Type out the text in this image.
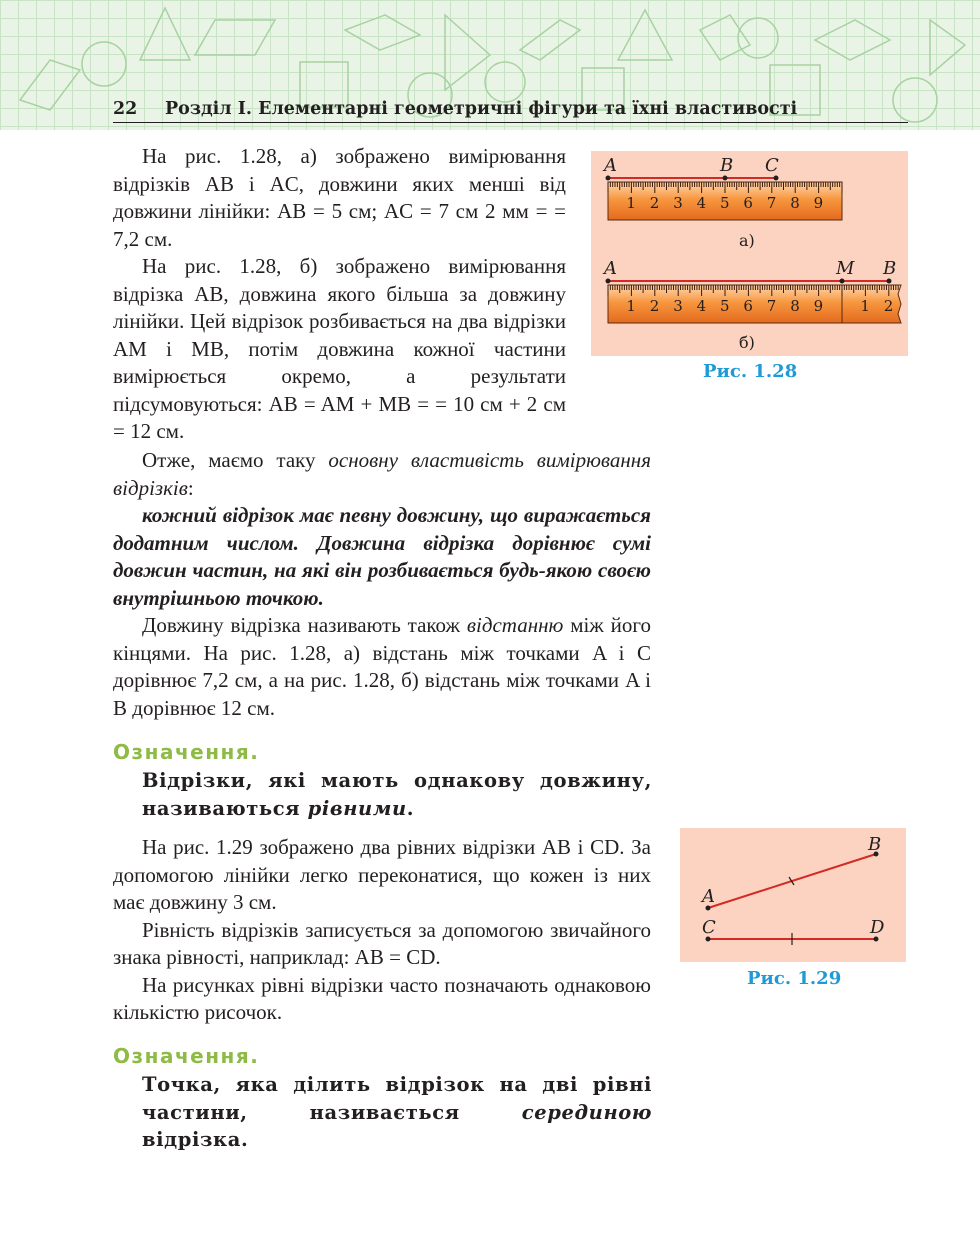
22 Розділ І. Елементарні геометричні фігури та їхні властивості

На рис. 1.28, а) зображено вимірювання відрізків AB і AC, довжини яких менші від довжини лінійки: AB = 5 см; AC = 7 см 2 мм = = 7,2 см.

На рис. 1.28, б) зображено вимірювання відрізка AB, довжина якого більша за довжину лінійки. Цей відрізок розбивається на два відрізки AM і MB, потім довжина кожної частини вимірюється окремо, а результати підсумовуються: AB = AM + MB = = 10 см + 2 см = 12 см.

Отже, маємо таку основну властивість вимірювання відрізків:

кожний відрізок має певну довжину, що виражається додатним числом. Довжина відрізка дорівнює сумі довжин частин, на які він розбивається будь-якою своєю внутрішньою точкою.

Довжину відрізка називають також відстанню між його кінцями. На рис. 1.28, а) відстань між точками A і C дорівнює 7,2 см, а на рис. 1.28, б) відстань між точками A і B дорівнює 12 см.

Означення.
Відрізки, які мають однакову довжину, називаються рівними.

На рис. 1.29 зображено два рівних відрізки AB і CD. За допомогою лінійки легко переконатися, що кожен із них має довжину 3 см.

Рівність відрізків записується за допомогою звичайного знака рівності, наприклад: AB = CD.

На рисунках рівні відрізки часто позначають однаковою кількістю рисочок.

Означення.
Точка, яка ділить відрізок на дві рівні частини, називається серединою відрізка.
A	B C
1 2 3 4 5 6 7 8 9
а)
A	M B
1 2 3 4 5 6 7 8 9 1 2
б)
Рис. 1.28
A
B
C	D
Рис. 1.29
